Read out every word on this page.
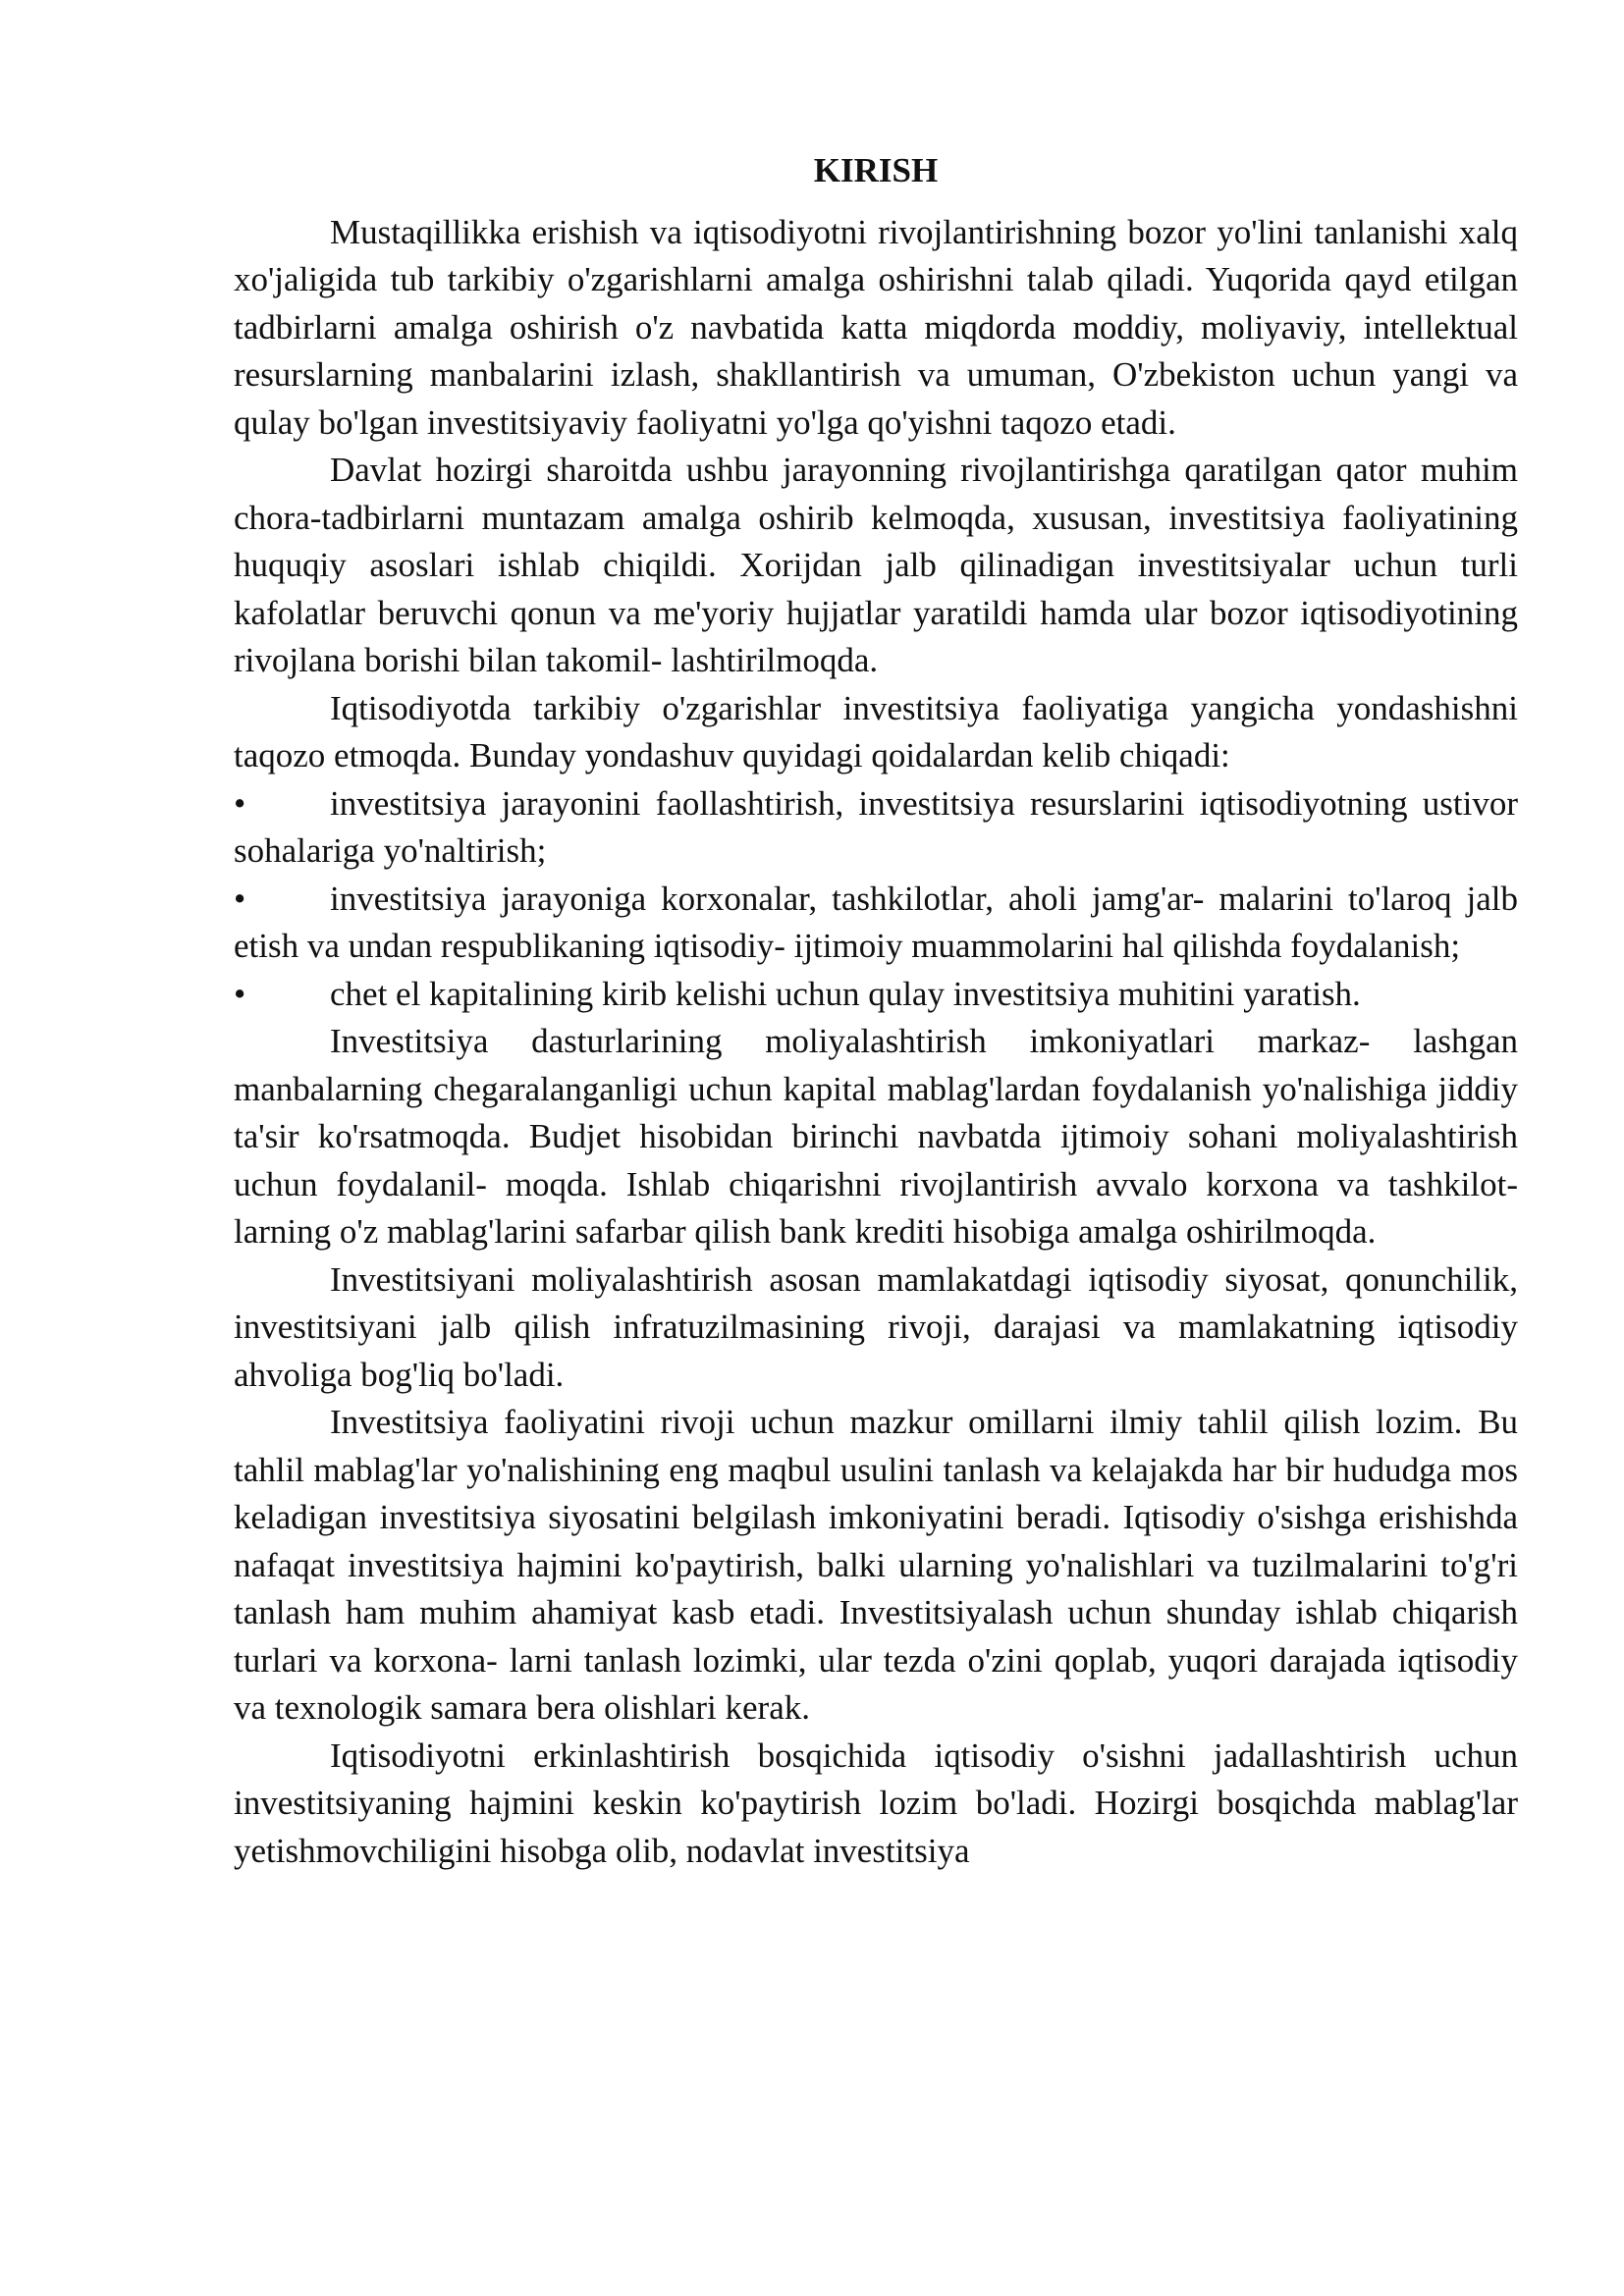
KIRISH

Mustaqillikka erishish va iqtisodiyotni rivojlantirishning bozor yo'lini tanlanishi xalq xo'jaligida tub tarkibiy o'zgarishlarni amalga oshirishni talab qiladi. Yuqorida qayd etilgan tadbirlarni amalga oshirish o'z navbatida katta miqdorda moddiy, moliyaviy, intellektual resurslarning manbalarini izlash, shakllantirish va umuman, O'zbekiston uchun yangi va qulay bo'lgan investitsiyaviy faoliyatni yo'lga qo'yishni taqozo etadi.

Davlat hozirgi sharoitda ushbu jarayonning rivojlantirishga qaratilgan qator muhim chora-tadbirlarni muntazam amalga oshirib kelmoqda, xususan, investitsiya faoliyatining huquqiy asoslari ishlab chiqildi. Xorijdan jalb qilinadigan investitsiyalar uchun turli kafolatlar beruvchi qonun va me'yoriy hujjatlar yaratildi hamda ular bozor iqtisodiyotining rivojlana borishi bilan takomil- lashtirilmoqda.

Iqtisodiyotda tarkibiy o'zgarishlar investitsiya faoliyatiga yangicha yondashishni taqozo etmoqda. Bunday yondashuv quyidagi qoidalardan kelib chiqadi:

• investitsiya jarayonini faollashtirish, investitsiya resurslarini iqtisodiyotning ustivor sohalariga yo'naltirish;

• investitsiya jarayoniga korxonalar, tashkilotlar, aholi jamg'ar- malarini to'laroq jalb etish va undan respublikaning iqtisodiy- ijtimoiy muammolarini hal qilishda foydalanish;

• chet el kapitalining kirib kelishi uchun qulay investitsiya muhitini yaratish.

Investitsiya dasturlarining moliyalashtirish imkoniyatlari markaz- lashgan manbalarning chegaralanganligi uchun kapital mablag'lardan foydalanish yo'nalishiga jiddiy ta'sir ko'rsatmoqda. Budjet hisobidan birinchi navbatda ijtimoiy sohani moliyalashtirish uchun foydalanil- moqda. Ishlab chiqarishni rivojlantirish avvalo korxona va tashkilot- larning o'z mablag'larini safarbar qilish bank krediti hisobiga amalga oshirilmoqda.

Investitsiyani moliyalashtirish asosan mamlakatdagi iqtisodiy siyosat, qonunchilik, investitsiyani jalb qilish infratuzilmasining rivoji, darajasi va mamlakatning iqtisodiy ahvoliga bog'liq bo'ladi.

Investitsiya faoliyatini rivoji uchun mazkur omillarni ilmiy tahlil qilish lozim. Bu tahlil mablag'lar yo'nalishining eng maqbul usulini tanlash va kelajakda har bir hududga mos keladigan investitsiya siyosatini belgilash imkoniyatini beradi. Iqtisodiy o'sishga erishishda nafaqat investitsiya hajmini ko'paytirish, balki ularning yo'nalishlari va tuzilmalarini to'g'ri tanlash ham muhim ahamiyat kasb etadi. Investitsiyalash uchun shunday ishlab chiqarish turlari va korxona- larni tanlash lozimki, ular tezda o'zini qoplab, yuqori darajada iqtisodiy va texnologik samara bera olishlari kerak.

Iqtisodiyotni erkinlashtirish bosqichida iqtisodiy o'sishni jadallashtirish uchun investitsiyaning hajmini keskin ko'paytirish lozim bo'ladi. Hozirgi bosqichda mablag'lar yetishmovchiligini hisobga olib, nodavlat investitsiya
